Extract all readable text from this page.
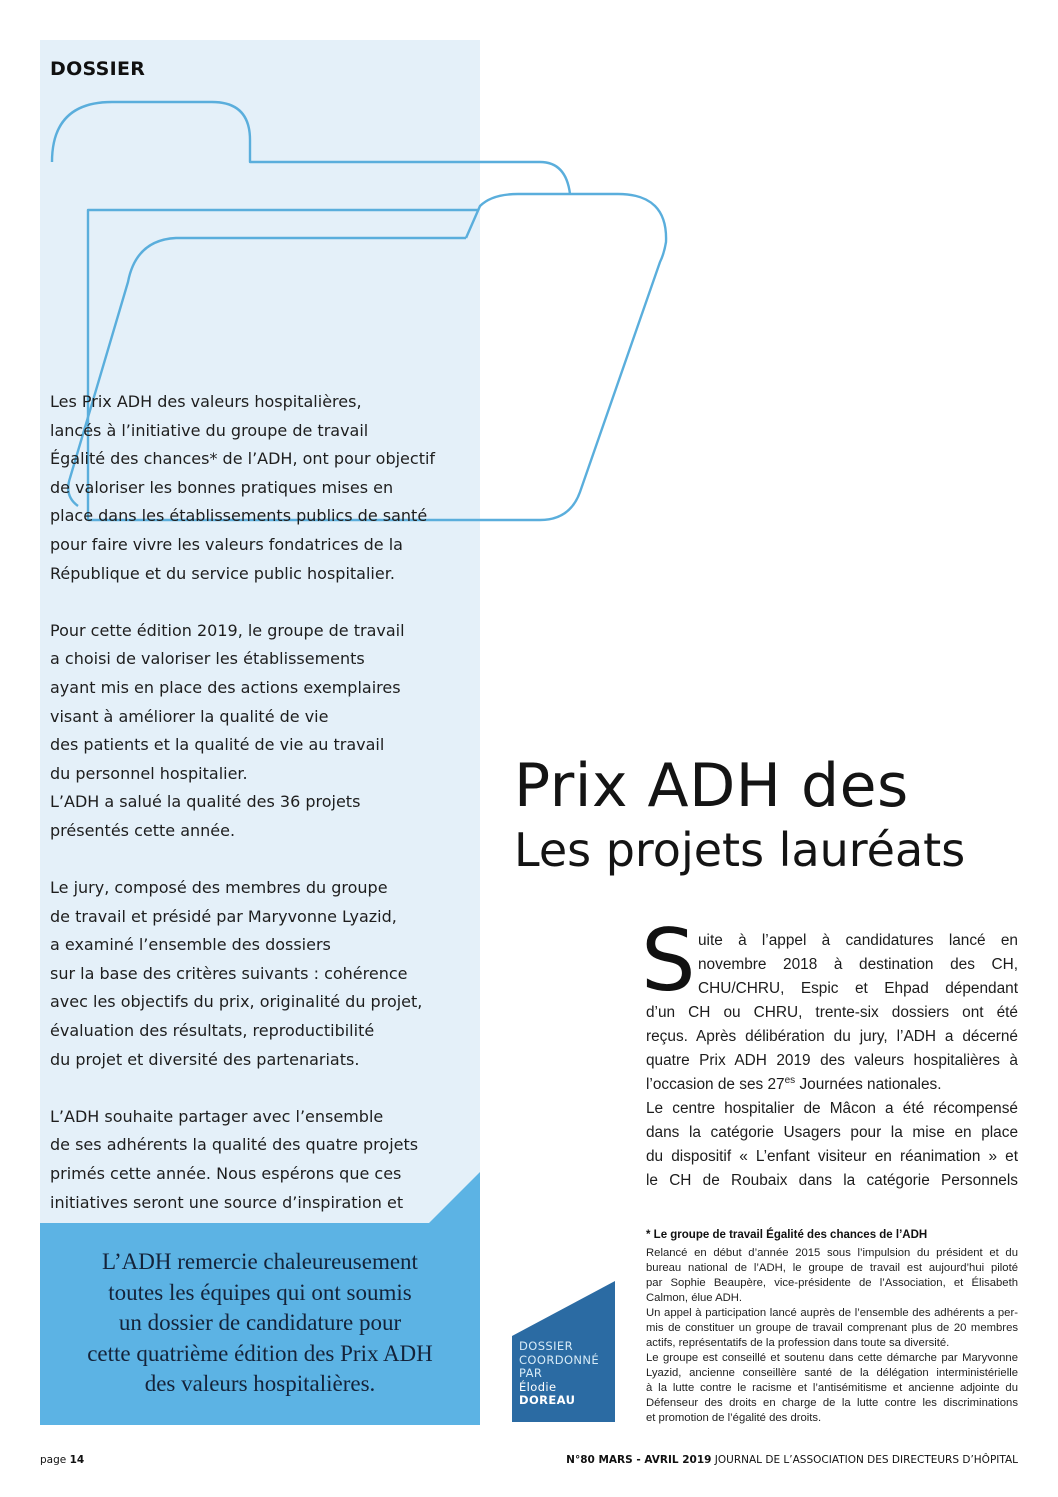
DOSSIER

Les Prix ADH des valeurs hospitalières,
lancés à l’initiative du groupe de travail
Égalité des chances* de l’ADH, ont pour objectif
de valoriser les bonnes pratiques mises en
place dans les établissements publics de santé
pour faire vivre les valeurs fondatrices de la
République et du service public hospitalier.

Pour cette édition 2019, le groupe de travail
a choisi de valoriser les établissements
ayant mis en place des actions exemplaires
visant à améliorer la qualité de vie
des patients et la qualité de vie au travail
du personnel hospitalier.
L’ADH a salué la qualité des 36 projets
présentés cette année.

Le jury, composé des membres du groupe
de travail et présidé par Maryvonne Lyazid,
a examiné l’ensemble des dossiers
sur la base des critères suivants : cohérence
avec les objectifs du prix, originalité du projet,
évaluation des résultats, reproductibilité
du projet et diversité des partenariats.

L’ADH souhaite partager avec l’ensemble
de ses adhérents la qualité des quatre projets
primés cette année. Nous espérons que ces
initiatives seront une source d’inspiration et

L’ADH remercie chaleureusement
toutes les équipes qui ont soumis
un dossier de candidature pour
cette quatrième édition des Prix ADH
des valeurs hospitalières.
Prix ADH des
Les projets lauréats
S uite à l’appel à candidatures lancé en
novembre 2018 à destination des CH,
CHU/CHRU, Espic et Ehpad dépendant
d’un CH ou CHRU, trente-six dossiers ont été
reçus. Après délibération du jury, l’ADH a décerné
quatre Prix ADH 2019 des valeurs hospitalières à
l’occasion de ses $27^{es}$ Journées nationales.
Le centre hospitalier de Mâcon a été récompensé
dans la catégorie Usagers pour la mise en place
du dispositif « L’enfant visiteur en réanimation » et
le CH de Roubaix dans la catégorie Personnels
* Le groupe de travail Égalité des chances de l’ADH
Relancé en début d’année 2015 sous l’impulsion du président et du
bureau national de l’ADH, le groupe de travail est aujourd’hui piloté
par Sophie Beaupère, vice-présidente de l’Association, et Élisabeth
Calmon, élue ADH.
Un appel à participation lancé auprès de l’ensemble des adhérents a per-
mis de constituer un groupe de travail comprenant plus de 20 membres
actifs, représentatifs de la profession dans toute sa diversité.
Le groupe est conseillé et soutenu dans cette démarche par Maryvonne
Lyazid, ancienne conseillère santé de la délégation interministérielle
à la lutte contre le racisme et l’antisémitisme et ancienne adjointe du
Défenseur des droits en charge de la lutte contre les discriminations
et promotion de l’égalité des droits.
DOSSIER
COORDONNÉ
PAR
Élodie
DOREAU
page 14	N°80 MARS - AVRIL 2019 JOURNAL DE L’ASSOCIATION DES DIRECTEURS D’HÔPITAL
